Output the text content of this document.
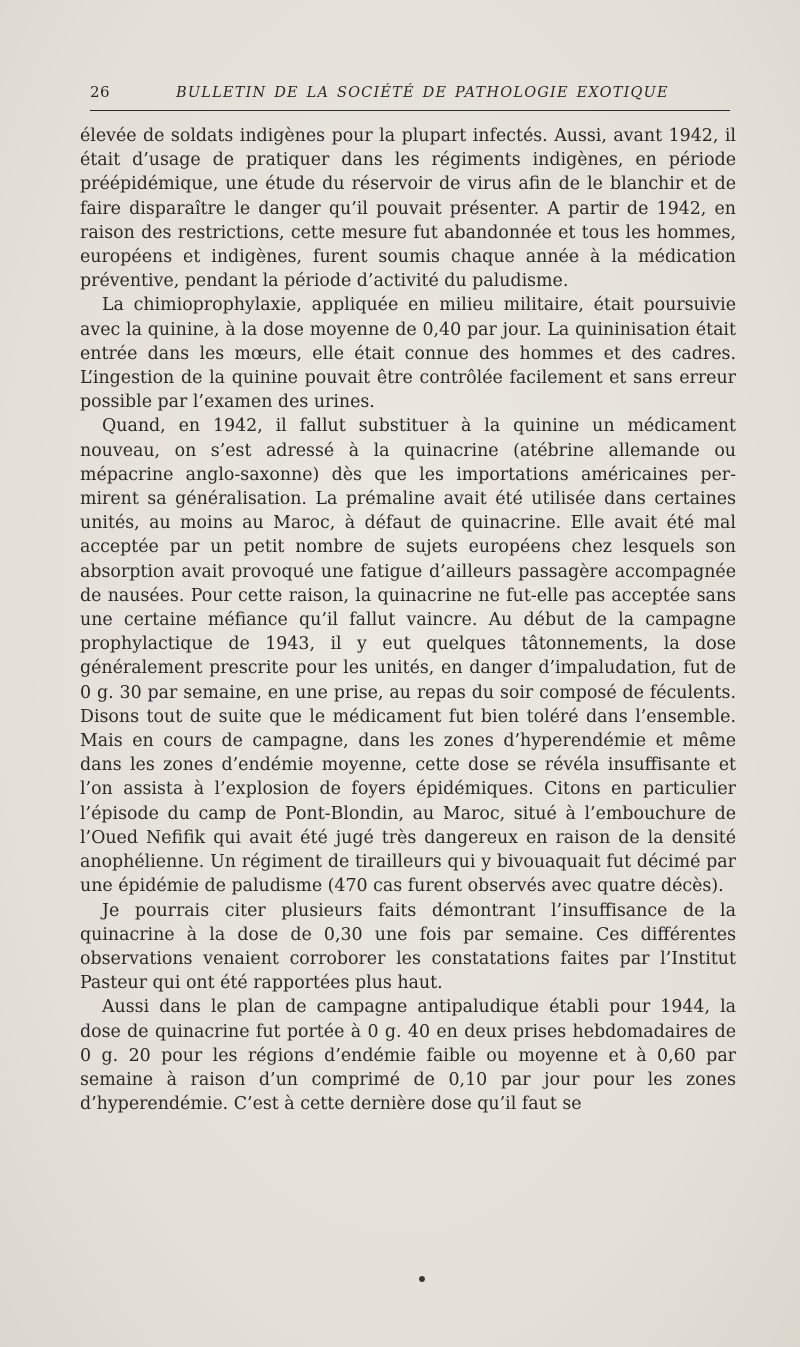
26	BULLETIN DE LA SOCIÉTÉ DE PATHOLOGIE EXOTIQUE

élevée de soldats indigènes pour la plupart infectés. Aussi, avant 1942, il était d’usage de pratiquer dans les régiments indigènes, en période préépidémique, une étude du réservoir de virus afin de le blanchir et de faire disparaître le danger qu’il pouvait présenter. A partir de 1942, en raison des restrictions, cette mesure fut abandonnée et tous les hommes, européens et indigènes, furent soumis chaque année à la médication préventive, pendant la période d’activité du paludisme.

La chimioprophylaxie, appliquée en milieu militaire, était poursuivie avec la quinine, à la dose moyenne de 0,40 par jour. La quininisation était entrée dans les mœurs, elle était connue des hommes et des cadres. L’ingestion de la quinine pouvait être contrôlée facilement et sans erreur possible par l’examen des urines.

Quand, en 1942, il fallut substituer à la quinine un médicament nouveau, on s’est adressé à la quinacrine (atébrine allemande ou mépacrine anglo-saxonne) dès que les importations américaines permirent sa généralisation. La prémaline avait été utilisée dans certaines unités, au moins au Maroc, à défaut de quinacrine. Elle avait été mal acceptée par un petit nombre de sujets européens chez lesquels son absorption avait provoqué une fatigue d’ailleurs passagère accompagnée de nausées. Pour cette raison, la quinacrine ne fut-elle pas acceptée sans une certaine méfiance qu’il fallut vaincre. Au début de la campagne prophylactique de 1943, il y eut quelques tâtonnements, la dose généralement prescrite pour les unités, en danger d’impaludation, fut de 0 g. 30 par semaine, en une prise, au repas du soir composé de féculents. Disons tout de suite que le médicament fut bien toléré dans l’ensemble. Mais en cours de campagne, dans les zones d’hyperendémie et même dans les zones d’endémie moyenne, cette dose se révéla insuffisante et l’on assista à l’explosion de foyers épidémiques. Citons en particulier l’épisode du camp de Pont-Blondin, au Maroc, situé à l’embouchure de l’Oued Nefifik qui avait été jugé très dangereux en raison de la densité anophélienne. Un régiment de tirailleurs qui y bivouaquait fut décimé par une épidémie de paludisme (470 cas furent observés avec quatre décès).

Je pourrais citer plusieurs faits démontrant l’insuffisance de la quinacrine à la dose de 0,30 une fois par semaine. Ces différentes observations venaient corroborer les constatations faites par l’Institut Pasteur qui ont été rapportées plus haut.

Aussi dans le plan de campagne antipaludique établi pour 1944, la dose de quinacrine fut portée à 0 g. 40 en deux prises hebdomadaires de 0 g. 20 pour les régions d’endémie faible ou moyenne et à 0,60 par semaine à raison d’un comprimé de 0,10 par jour pour les zones d’hyperendémie. C’est à cette dernière dose qu’il faut se
